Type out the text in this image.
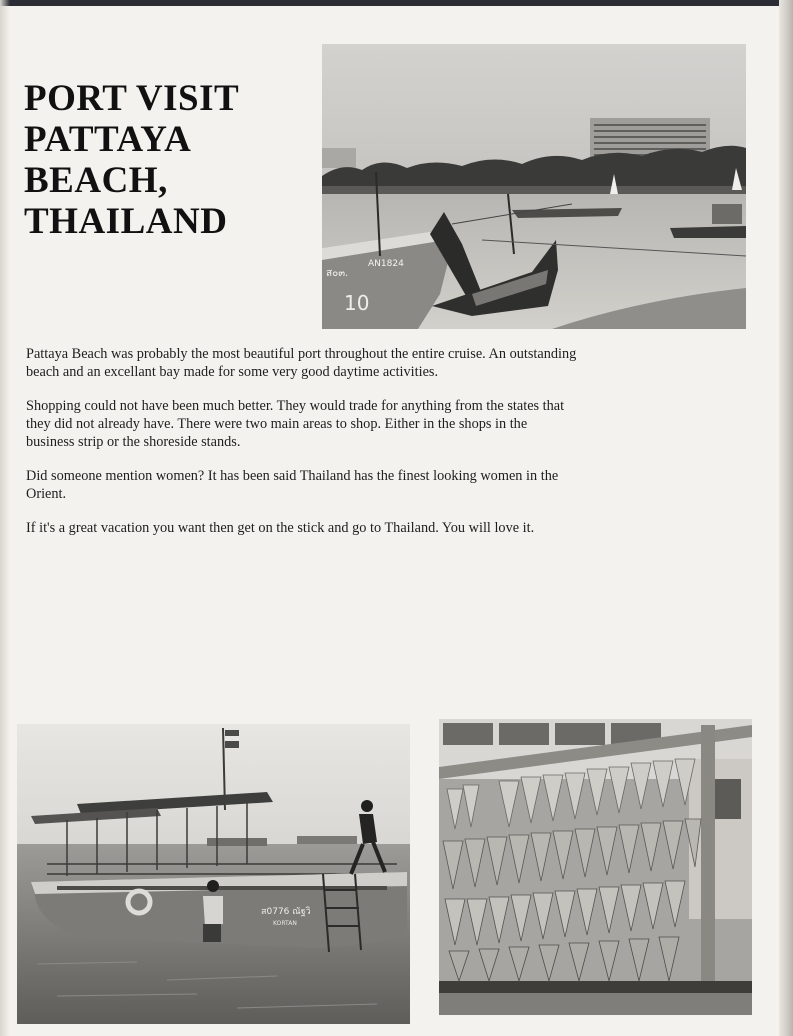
PORT VISIT
PATTAYA
BEACH,
THAILAND
ส๐๓.
AN1824
10

Pattaya Beach was probably the most beautiful port throughout the entire cruise. An outstanding beach and an excellant bay made for some very good daytime activities.

Shopping could not have been much better. They would trade for anything from the states that they did not already have. There were two main areas to shop. Either in the shops in the business strip or the shoreside stands.

Did someone mention women? It has been said Thailand has the finest looking women in the Orient.

If it's a great vacation you want then get on the stick and go to Thailand. You will love it.

ส0776 ณัฐวิ
KORTAN
